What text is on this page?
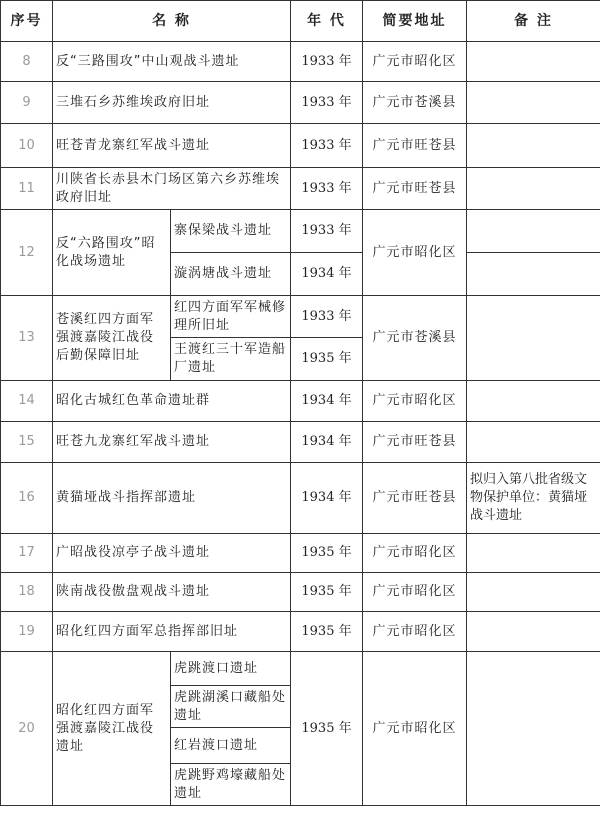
序号	名 称		年 代	简要地址	备 注
8	反“三路围攻”中山观战斗遗址		1933 年	广元市昭化区	
9	三堆石乡苏维埃政府旧址		1933 年	广元市苍溪县	
10	旺苍青龙寨红军战斗遗址		1933 年	广元市旺苍县	
11	川陕省长赤县木门场区第六乡苏维埃政府旧址		1933 年	广元市旺苍县	
12	反“六路围攻”昭化战场遗址	寨保梁战斗遗址	1933 年	广元市昭化区	
		漩涡塘战斗遗址	1934 年		
13	苍溪红四方面军强渡嘉陵江战役后勤保障旧址	红四方面军军械修理所旧址	1933 年	广元市苍溪县	
		王渡红三十军造船厂遗址	1935 年		
14	昭化古城红色革命遗址群		1934 年	广元市昭化区	
15	旺苍九龙寨红军战斗遗址		1934 年	广元市旺苍县	
16	黄猫垭战斗指挥部遗址		1934 年	广元市旺苍县	拟归入第八批省级文物保护单位：黄猫垭战斗遗址
17	广昭战役凉亭子战斗遗址		1935 年	广元市昭化区	
18	陕南战役傲盘观战斗遗址		1935 年	广元市昭化区	
19	昭化红四方面军总指挥部旧址		1935 年	广元市昭化区	
20	昭化红四方面军强渡嘉陵江战役遗址	虎跳渡口遗址	1935 年	广元市昭化区	
		虎跳湖溪口藏船处遗址			
		红岩渡口遗址			
		虎跳野鸡壕藏船处遗址			
